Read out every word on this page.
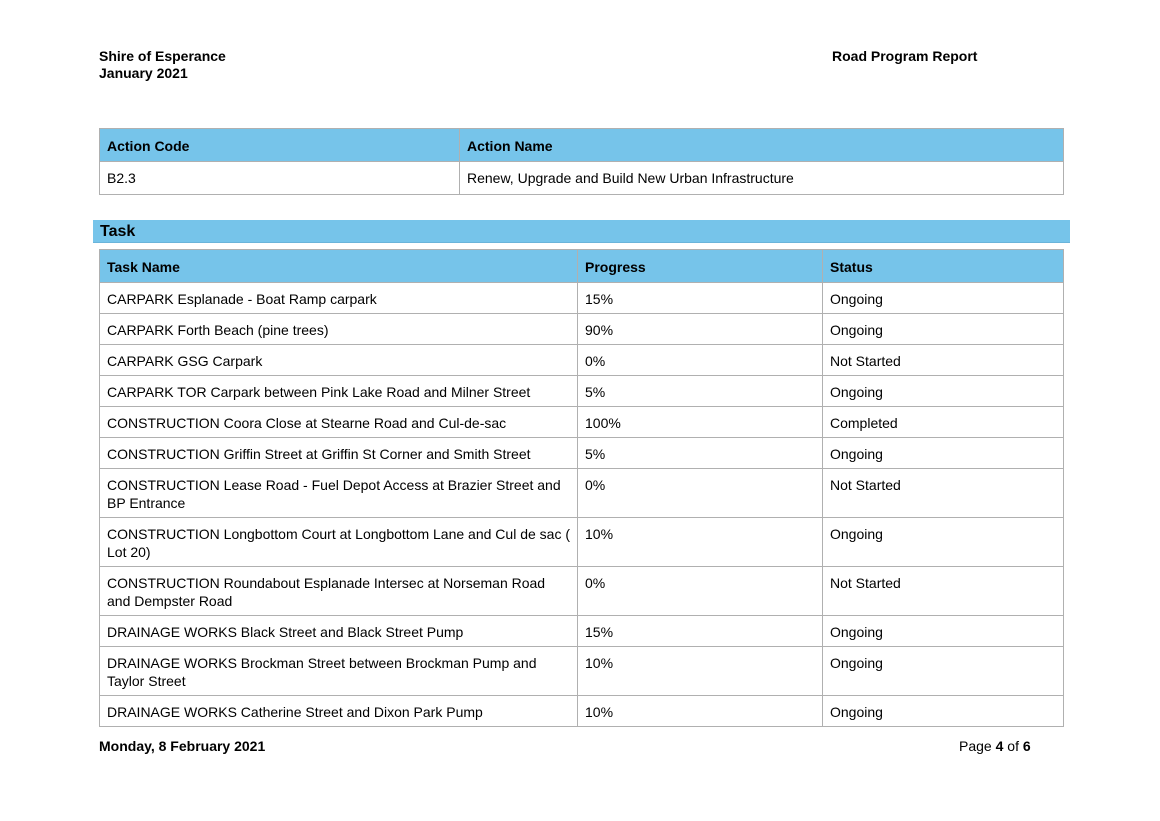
Shire of Esperance
January 2021
Road Program Report
Action Code	Action Name
B2.3	Renew, Upgrade and Build New Urban Infrastructure
Task
Task Name	Progress	Status
CARPARK Esplanade - Boat Ramp carpark	15%	Ongoing
CARPARK Forth Beach (pine trees)	90%	Ongoing
CARPARK GSG Carpark	0%	Not Started
CARPARK TOR Carpark between Pink Lake Road and Milner Street	5%	Ongoing
CONSTRUCTION Coora Close at Stearne Road and Cul-de-sac	100%	Completed
CONSTRUCTION Griffin Street at Griffin St Corner and Smith Street	5%	Ongoing
CONSTRUCTION Lease Road - Fuel Depot Access at Brazier Street and BP Entrance	0%	Not Started
CONSTRUCTION Longbottom Court at Longbottom Lane and Cul de sac ( Lot 20)	10%	Ongoing
CONSTRUCTION Roundabout Esplanade Intersec at Norseman Road and Dempster Road	0%	Not Started
DRAINAGE WORKS Black Street and Black Street Pump	15%	Ongoing
DRAINAGE WORKS Brockman Street between Brockman Pump and Taylor Street	10%	Ongoing
DRAINAGE WORKS Catherine Street and Dixon Park Pump	10%	Ongoing
Monday, 8 February 2021	Page 4 of 6
